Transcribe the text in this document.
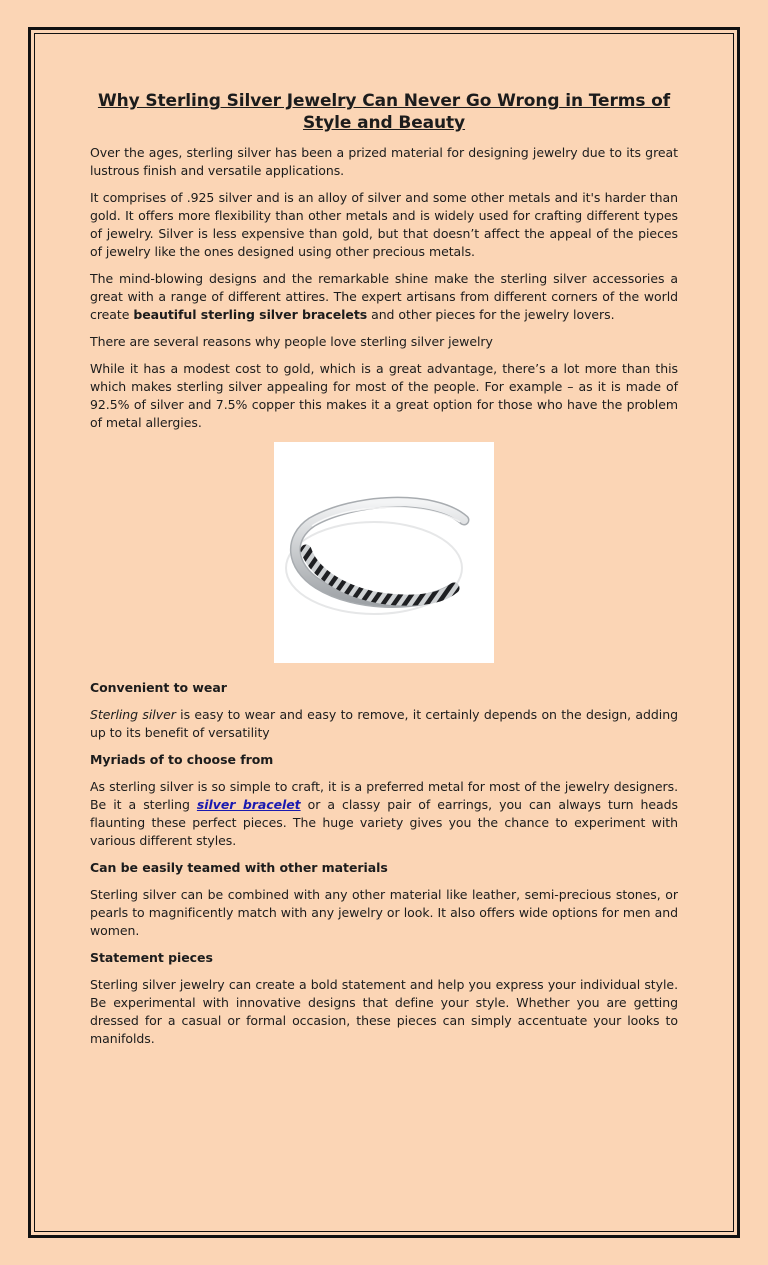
Why Sterling Silver Jewelry Can Never Go Wrong in Terms of Style and Beauty

Over the ages, sterling silver has been a prized material for designing jewelry due to its great lustrous finish and versatile applications.

It comprises of .925 silver and is an alloy of silver and some other metals and it's harder than gold. It offers more flexibility than other metals and is widely used for crafting different types of jewelry. Silver is less expensive than gold, but that doesn’t affect the appeal of the pieces of jewelry like the ones designed using other precious metals.

The mind-blowing designs and the remarkable shine make the sterling silver accessories a great with a range of different attires. The expert artisans from different corners of the world create beautiful sterling silver bracelets and other pieces for the jewelry lovers.

There are several reasons why people love sterling silver jewelry

While it has a modest cost to gold, which is a great advantage, there’s a lot more than this which makes sterling silver appealing for most of the people. For example – as it is made of 92.5% of silver and 7.5% copper this makes it a great option for those who have the problem of metal allergies.

Convenient to wear

Sterling silver is easy to wear and easy to remove, it certainly depends on the design, adding up to its benefit of versatility

Myriads of to choose from

As sterling silver is so simple to craft, it is a preferred metal for most of the jewelry designers. Be it a sterling silver bracelet or a classy pair of earrings, you can always turn heads flaunting these perfect pieces. The huge variety gives you the chance to experiment with various different styles.

Can be easily teamed with other materials

Sterling silver can be combined with any other material like leather, semi-precious stones, or pearls to magnificently match with any jewelry or look. It also offers wide options for men and women.

Statement pieces

Sterling silver jewelry can create a bold statement and help you express your individual style. Be experimental with innovative designs that define your style. Whether you are getting dressed for a casual or formal occasion, these pieces can simply accentuate your looks to manifolds.
